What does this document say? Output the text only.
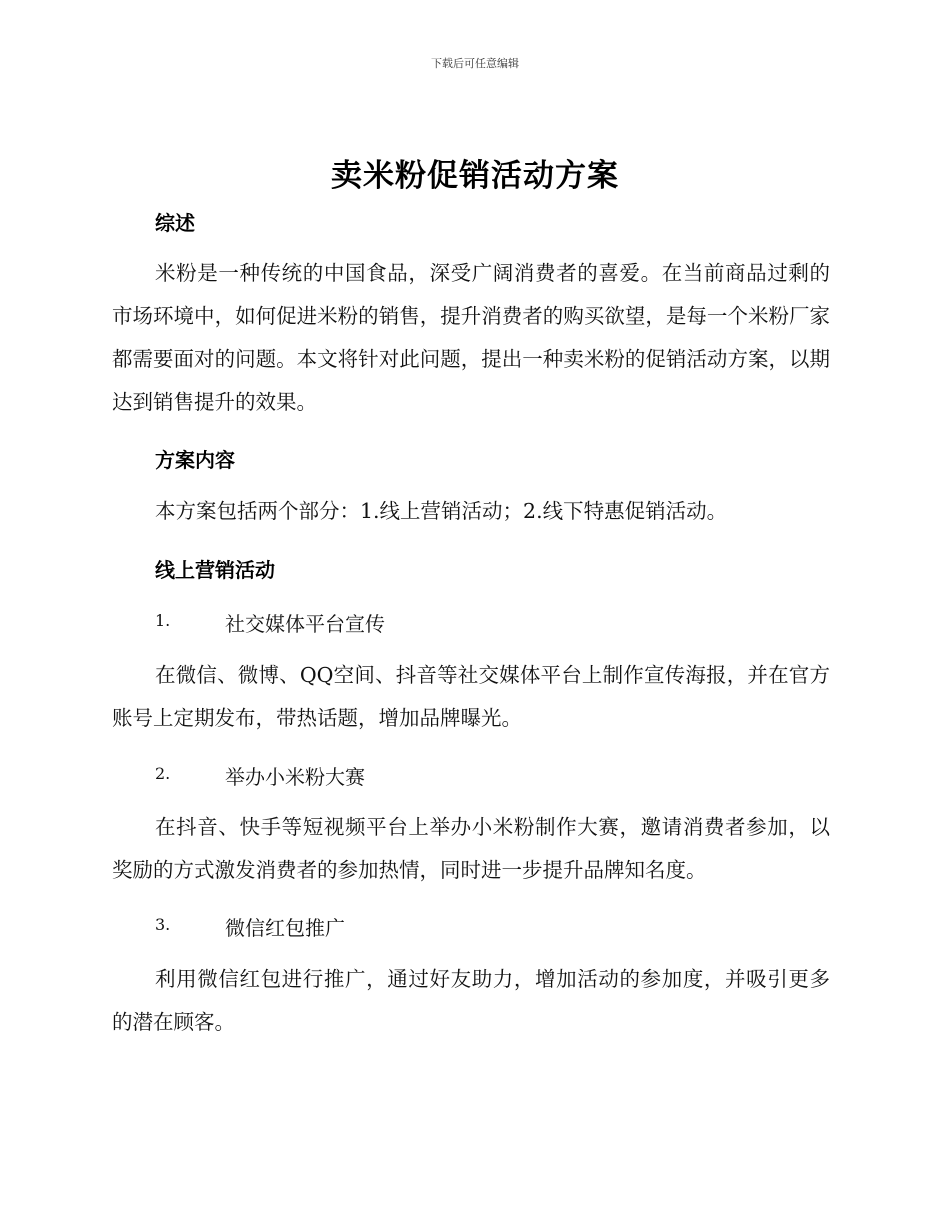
下载后可任意编辑
卖米粉促销活动方案
综述

米粉是一种传统的中国食品，深受广阔消费者的喜爱。在当前商品过剩的市场环境中，如何促进米粉的销售，提升消费者的购买欲望，是每一个米粉厂家都需要面对的问题。本文将针对此问题，提出一种卖米粉的促销活动方案，以期达到销售提升的效果。

方案内容

本方案包括两个部分：1.线上营销活动；2.线下特惠促销活动。

线上营销活动
1.	社交媒体平台宣传

在微信、微博、QQ空间、抖音等社交媒体平台上制作宣传海报，并在官方账号上定期发布，带热话题，增加品牌曝光。

2.	举办小米粉大赛

在抖音、快手等短视频平台上举办小米粉制作大赛，邀请消费者参加，以奖励的方式激发消费者的参加热情，同时进一步提升品牌知名度。

3.	微信红包推广

利用微信红包进行推广，通过好友助力，增加活动的参加度，并吸引更多的潜在顾客。
